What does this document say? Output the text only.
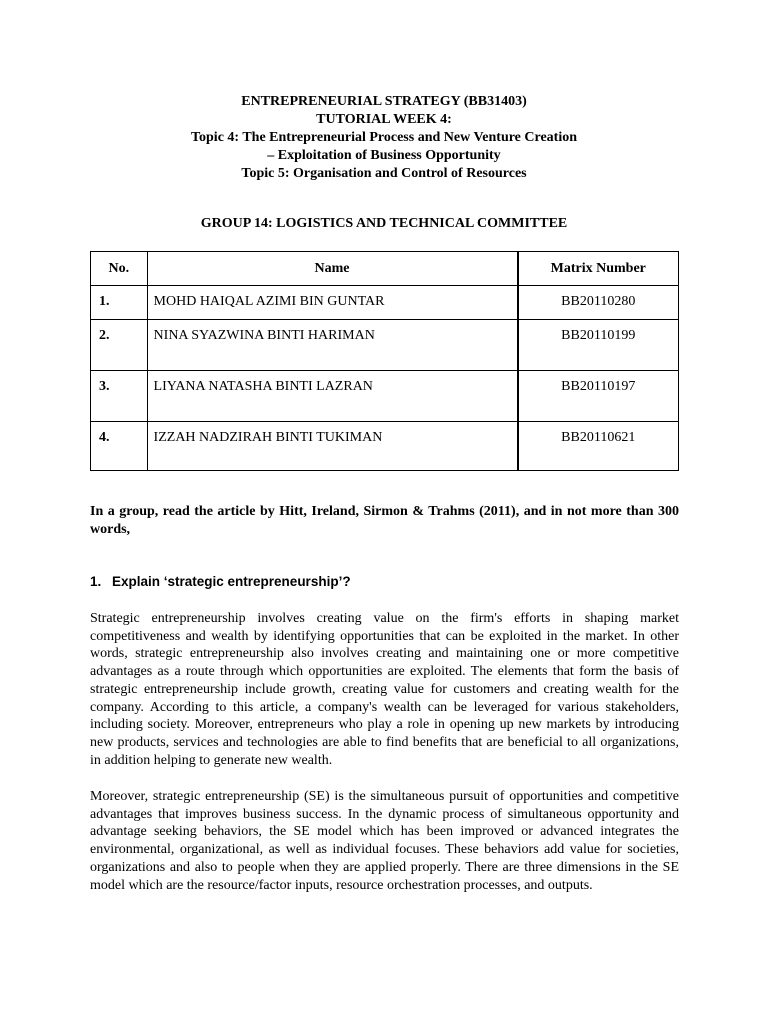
ENTREPRENEURIAL STRATEGY (BB31403)
TUTORIAL WEEK 4:
Topic 4: The Entrepreneurial Process and New Venture Creation
– Exploitation of Business Opportunity
Topic 5: Organisation and Control of Resources
GROUP 14: LOGISTICS AND TECHNICAL COMMITTEE
No.	Name	Matrix Number

1.	MOHD HAIQAL AZIMI BIN GUNTAR	BB20110280

2.	NINA SYAZWINA BINTI HARIMAN	BB20110199

3.	LIYANA NATASHA BINTI LAZRAN	BB20110197

4.	IZZAH NADZIRAH BINTI TUKIMAN	BB20110621
In a group, read the article by Hitt, Ireland, Sirmon & Trahms (2011), and in not more than 300 words,
1. Explain ‘strategic entrepreneurship’?
Strategic entrepreneurship involves creating value on the firm's efforts in shaping market competitiveness and wealth by identifying opportunities that can be exploited in the market. In other words, strategic entrepreneurship also involves creating and maintaining one or more competitive advantages as a route through which opportunities are exploited. The elements that form the basis of strategic entrepreneurship include growth, creating value for customers and creating wealth for the company. According to this article, a company's wealth can be leveraged for various stakeholders, including society. Moreover, entrepreneurs who play a role in opening up new markets by introducing new products, services and technologies are able to find benefits that are beneficial to all organizations, in addition helping to generate new wealth.
Moreover, strategic entrepreneurship (SE) is the simultaneous pursuit of opportunities and competitive advantages that improves business success. In the dynamic process of simultaneous opportunity and advantage seeking behaviors, the SE model which has been improved or advanced integrates the environmental, organizational, as well as individual focuses. These behaviors add value for societies, organizations and also to people when they are applied properly. There are three dimensions in the SE model which are the resource/factor inputs, resource orchestration processes, and outputs.
